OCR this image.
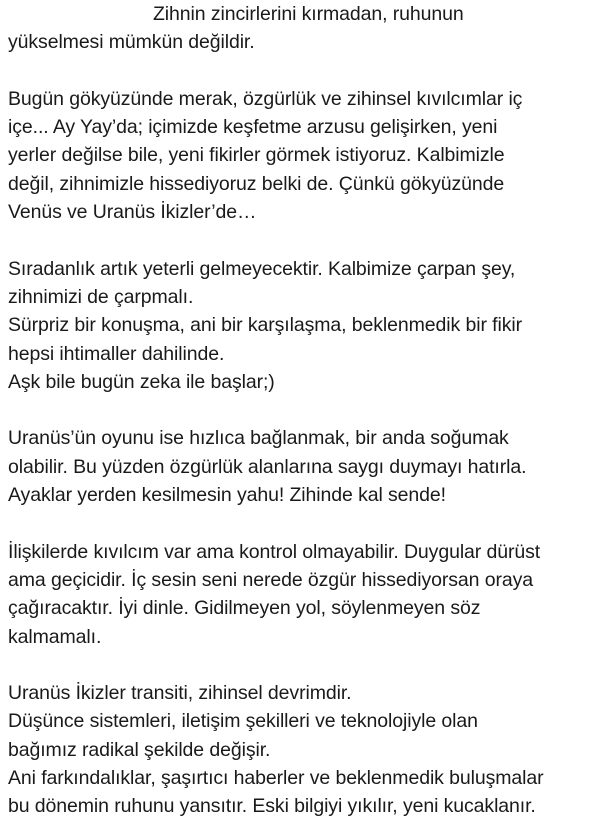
Zihnin zincirlerini kırmadan, ruhunun
yükselmesi mümkün değildir.
Bugün gökyüzünde merak, özgürlük ve zihinsel kıvılcımlar iç
içe... Ay Yay’da; içimizde keşfetme arzusu gelişirken, yeni
yerler değilse bile, yeni fikirler görmek istiyoruz. Kalbimizle
değil, zihnimizle hissediyoruz belki de. Çünkü gökyüzünde
Venüs ve Uranüs İkizler’de…
Sıradanlık artık yeterli gelmeyecektir. Kalbimize çarpan şey,
zihnimizi de çarpmalı.
Sürpriz bir konuşma, ani bir karşılaşma, beklenmedik bir fikir
hepsi ihtimaller dahilinde.
Aşk bile bugün zeka ile başlar;)
Uranüs’ün oyunu ise hızlıca bağlanmak, bir anda soğumak
olabilir. Bu yüzden özgürlük alanlarına saygı duymayı hatırla.
Ayaklar yerden kesilmesin yahu! Zihinde kal sende!
İlişkilerde kıvılcım var ama kontrol olmayabilir. Duygular dürüst
ama geçicidir. İç sesin seni nerede özgür hissediyorsan oraya
çağıracaktır. İyi dinle. Gidilmeyen yol, söylenmeyen söz
kalmamalı.
Uranüs İkizler transiti, zihinsel devrimdir.
Düşünce sistemleri, iletişim şekilleri ve teknolojiyle olan
bağımız radikal şekilde değişir.
Ani farkındalıklar, şaşırtıcı haberler ve beklenmedik buluşmalar
bu dönemin ruhunu yansıtır. Eski bilgiyi yıkılır, yeni kucaklanır.
